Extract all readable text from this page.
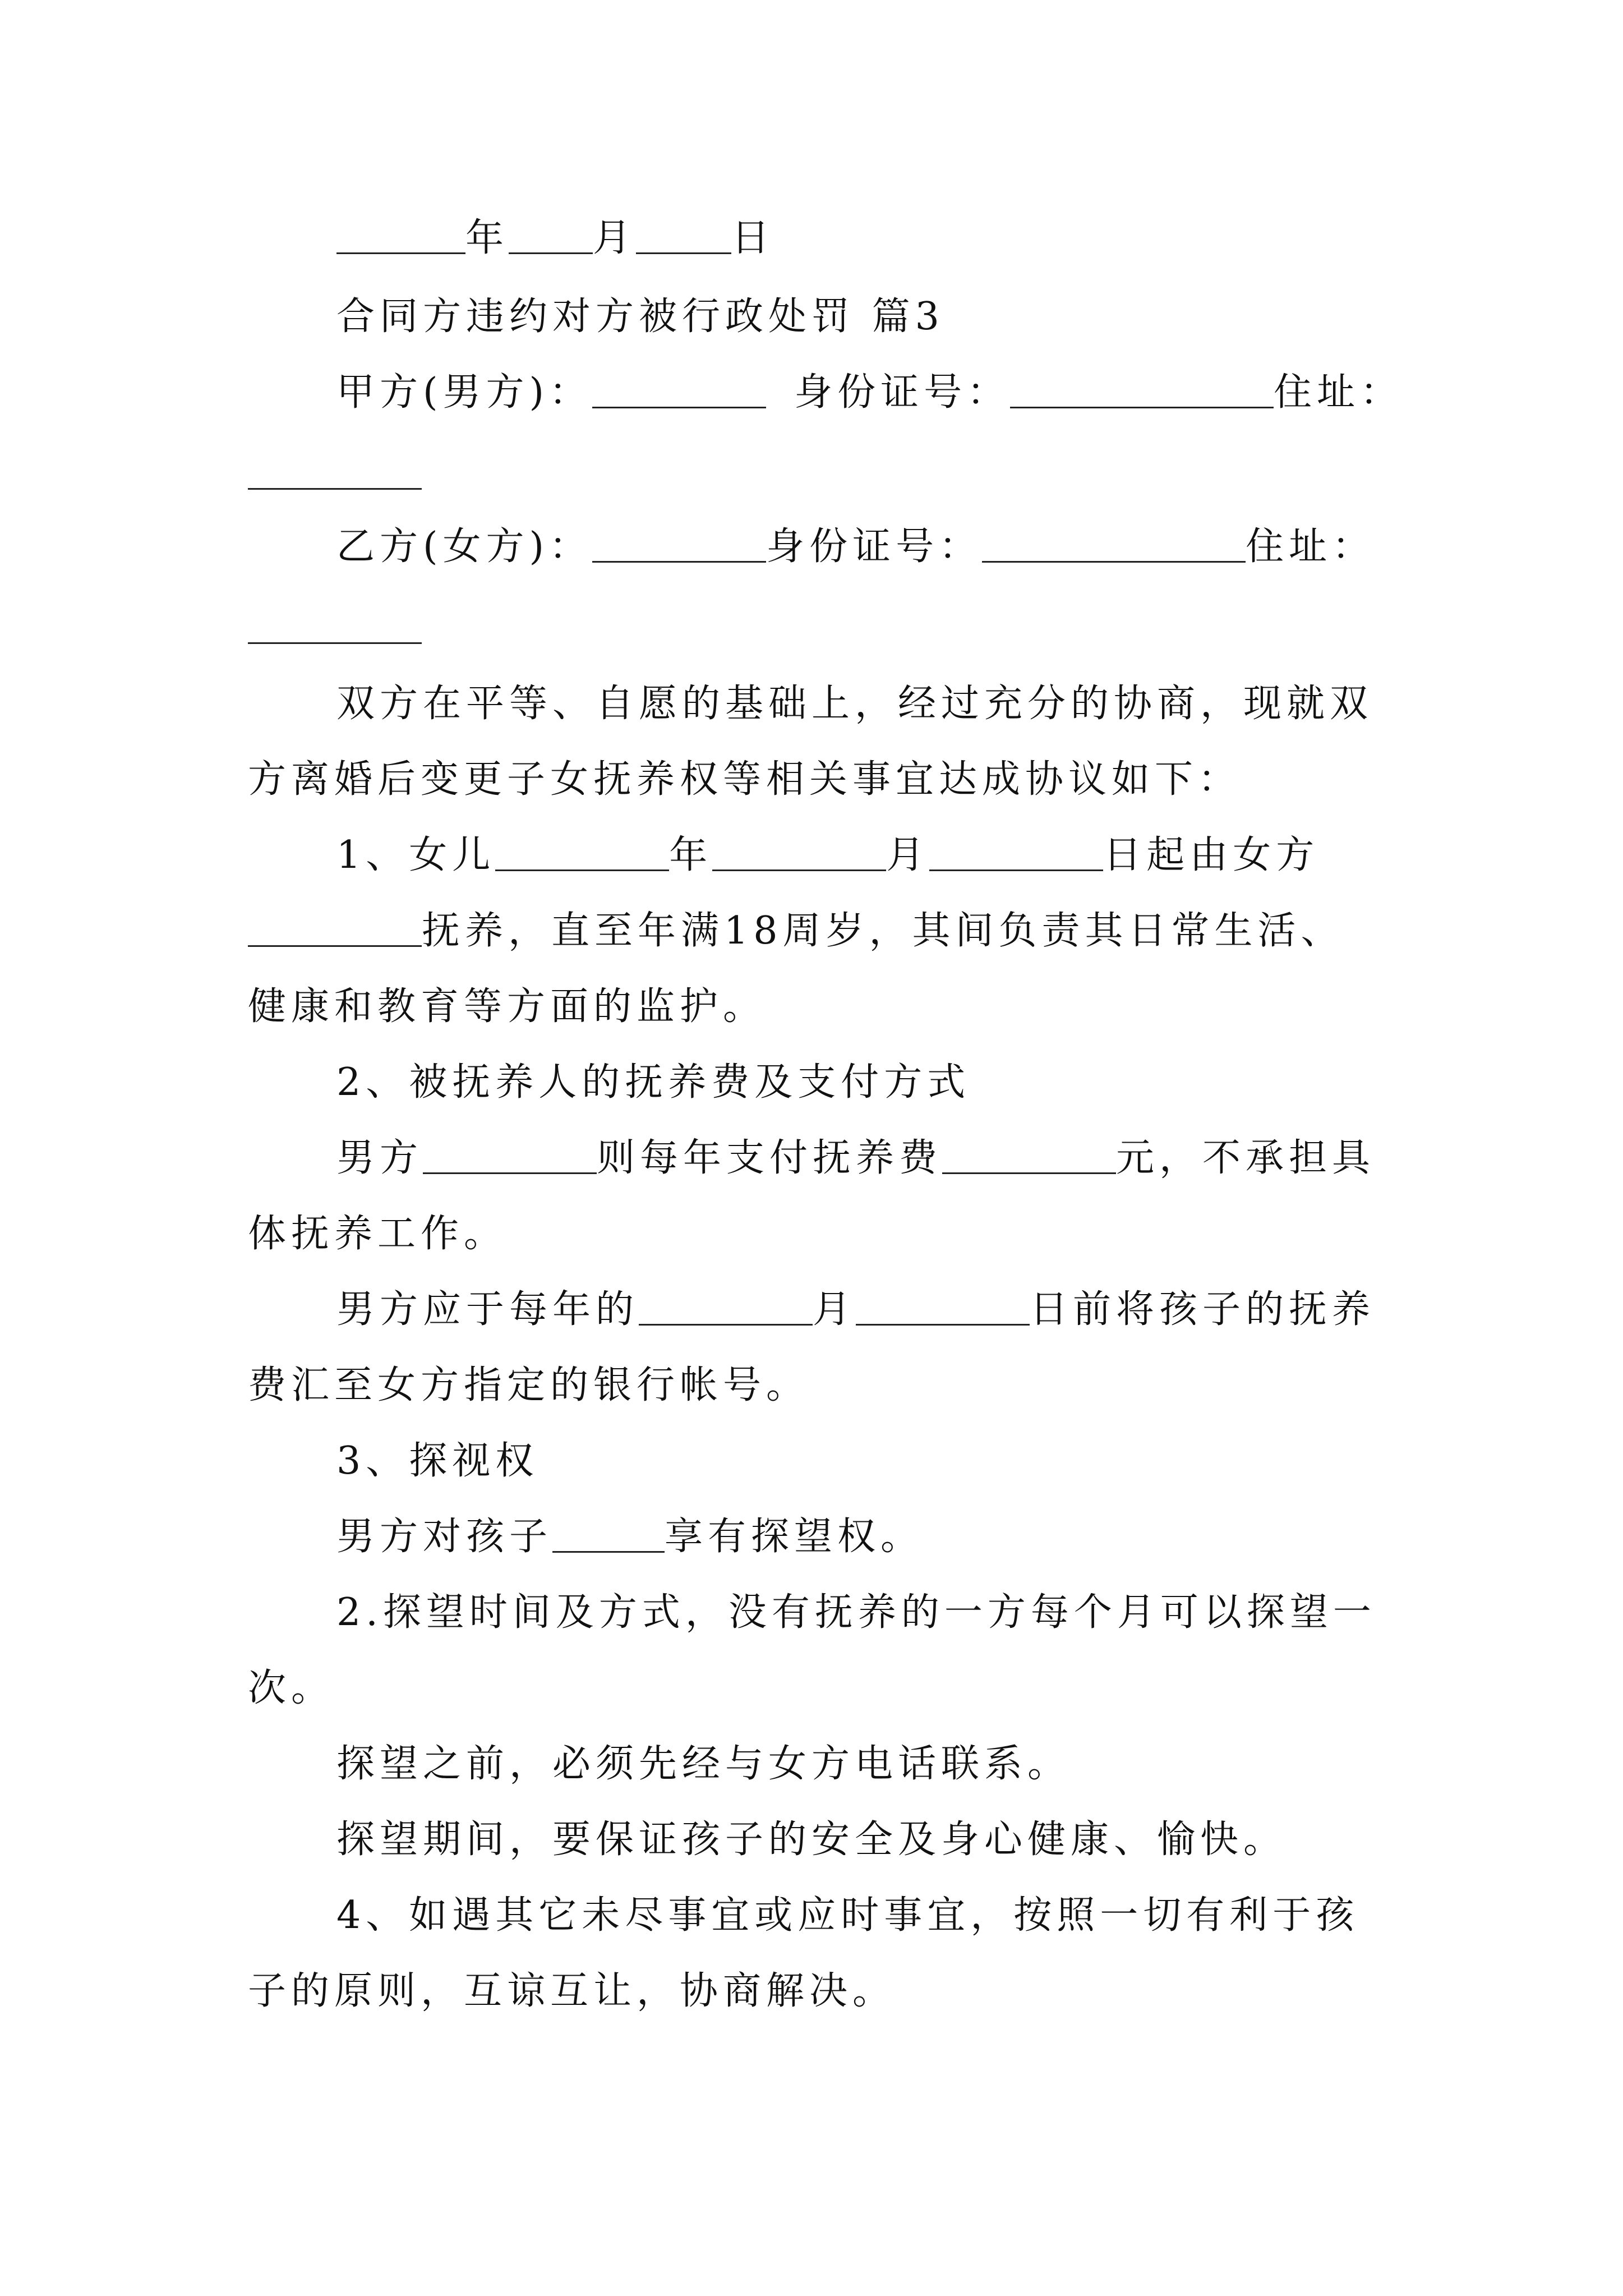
年 月	日
合同方违约对方被行政处罚 篇3
甲方(男方)：	身份证号：	住址：
乙方(女方)：	身份证号：	住址：
双方在平等、自愿的基础上，经过充分的协商，现就双
方离婚后变更子女抚养权等相关事宜达成协议如下：
1、女儿	年	月	日起由女方
抚养，直至年满18周岁，其间负责其日常生活、
健康和教育等方面的监护。
2、被抚养人的抚养费及支付方式
男方	则每年支付抚养费	元，不承担具
体抚养工作。
男方应于每年的	月	日前将孩子的抚养
费汇至女方指定的银行帐号。
3、探视权
男方对孩子	享有探望权。
2.探望时间及方式，没有抚养的一方每个月可以探望一
次。
探望之前，必须先经与女方电话联系。
探望期间，要保证孩子的安全及身心健康、愉快。
4、如遇其它未尽事宜或应时事宜，按照一切有利于孩
子的原则，互谅互让，协商解决。
